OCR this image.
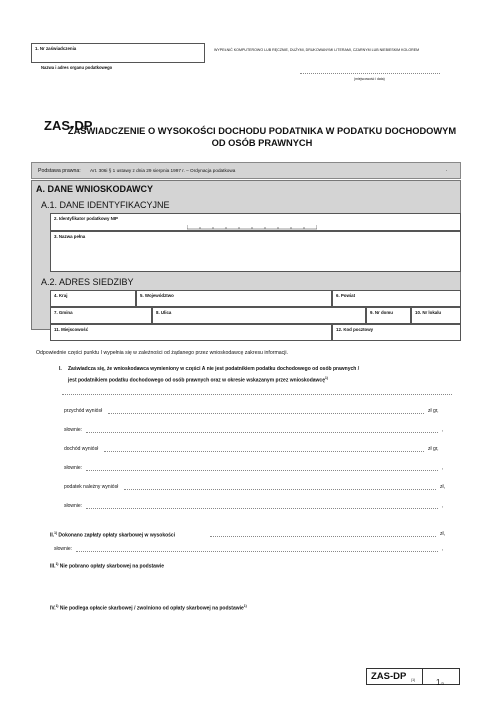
1. Nr zaświadczenia	WYPEŁNIĆ KOMPUTEROWO LUB RĘCZNIE, DUŻYMI, DRUKOWANYMI LITERAMI, CZARNYM LUB NIEBIESKIM KOLOREM
Nazwa i adres organu podatkowego
(miejscowość i data)
ZAS-DP
ZAŚWIADCZENIE O WYSOKOŚCI DOCHODU PODATNIKA W PODATKU DOCHODOWYM
OD OSÓB PRAWNYCH
Podstawa prawna: Art. 306i § 1 ustawy z dnia 29 sierpnia 1997 r. – Ordynacja podatkowa	.
A. DANE WNIOSKODAWCY
A.1. DANE IDENTYFIKACYJNE
A.2. ADRES SIEDZIBY
2. Identyfikator podatkowy NIP
3. Nazwa pełna
4. Kraj	5. Województwo	6. Powiat
7. Gmina	8. Ulica	9. Nr domu	10. Nr lokalu
11. Miejscowość	12. Kod pocztowy
Odpowiednie części punktu I wypełnia się w zależności od żądanego przez wnioskodawcę zakresu informacji.
I. Zaświadcza się, że wnioskodawca wymieniony w części A nie jest podatnikiem podatku dochodowego od osób prawnych /
jest podatnikiem podatku dochodowego od osób prawnych oraz w okresie wskazanym przez wnioskodawcę$^{1)}$
przychód wyniósł	zł gr,
słownie:	,
dochód wyniósł	zł gr,
słownie:	,
podatek należny wyniósł	zł,
słownie:	,
II.$^{1)}$ Dokonano zapłaty opłaty skarbowej w wysokości	zł,
słownie:	,
III.$^{1)}$ Nie pobrano opłaty skarbowej na podstawie
IV.$^{1)}$ Nie podlega opłacie skarbowej / zwolniono od opłaty skarbowej na podstawie$^{1)}$
ZAS-DP (1)	1/3
